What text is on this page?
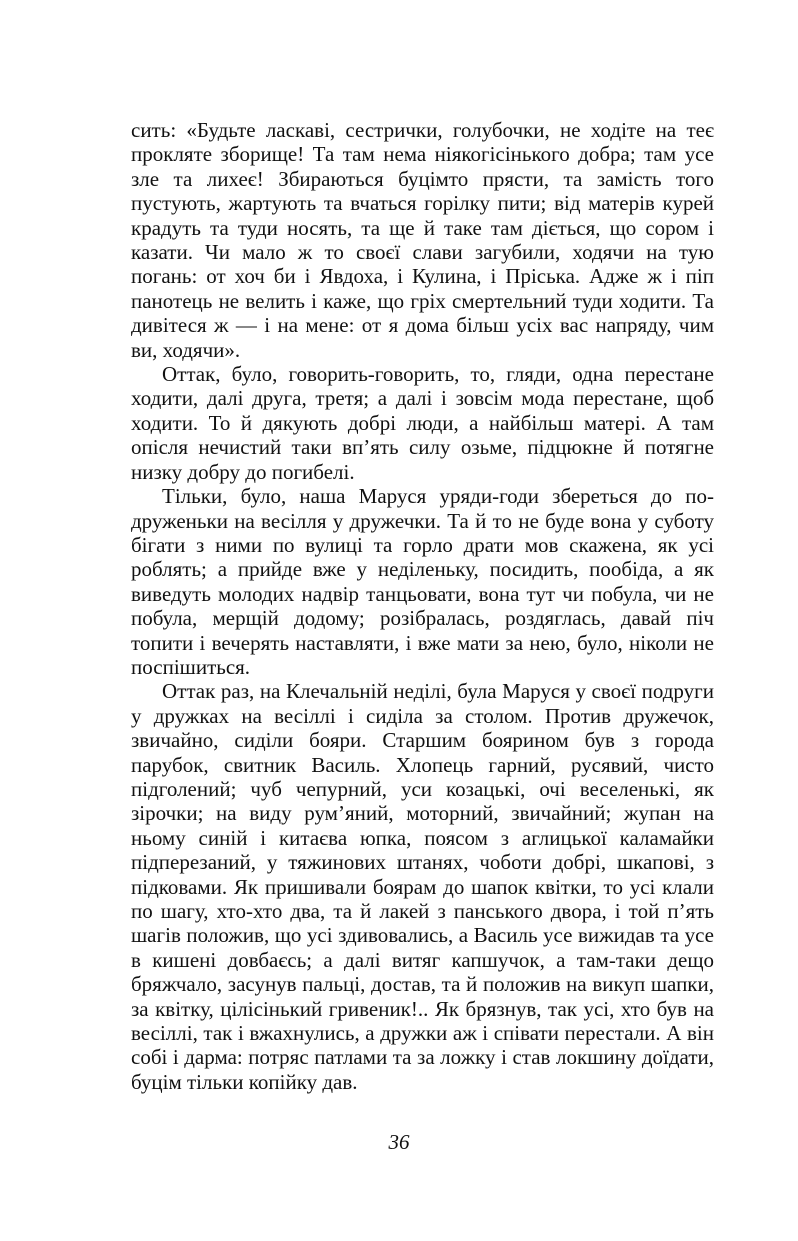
сить: «Будьте ласкаві, сестрички, голубочки, не ходіте на теє прокляте зборище! Та там нема ніякогісінького добра; там усе зле та лихеє! Збираються буцімто прясти, та замість того пустують, жартують та вчаться горілку пити; від матерів курей крадуть та туди носять, та ще й таке там діється, що сором і казати. Чи мало ж то своєї слави загубили, ходячи на тую погань: от хоч би і Явдоха, і Кулина, і Пріська. Адже ж і піп панотець не велить і каже, що гріх смертельний туди ходити. Та дивітеся ж — і на мене: от я дома більш усіх вас напряду, чим ви, ходячи».

Оттак, було, говорить-говорить, то, гляди, одна перестане ходити, далі друга, третя; а далі і зовсім мода перестане, щоб ходити. То й дякують добрі люди, а найбільш матері. А там опісля нечистий таки вп’ять силу озьме, підцюкне й потягне низку добру до погибелі.

Тільки, було, наша Маруся уряди-годи збереться до подруженьки на весілля у дружечки. Та й то не буде вона у суботу бігати з ними по вулиці та горло драти мов скажена, як усі роблять; а прийде вже у неділеньку, посидить, пообіда, а як виведуть молодих надвір танцьовати, вона тут чи побула, чи не побула, мерщій додому; розібралась, роздяглась, давай піч топити і вечерять наставляти, і вже мати за нею, було, ніколи не поспішиться.

Оттак раз, на Клечальній неділі, була Маруся у своєї подруги у дружках на весіллі і сиділа за столом. Против дружечок, звичайно, сиділи бояри. Старшим боярином був з города парубок, свитник Василь. Хлопець гарний, русявий, чисто підголений; чуб чепурний, уси козацькі, очі веселенькі, як зірочки; на виду рум’яний, моторний, звичайний; жупан на ньому синій і китаєва юпка, поясом з аглицької каламайки підперезаний, у тяжинових штанях, чоботи добрі, шкапові, з підковами. Як пришивали боярам до шапок квітки, то усі клали по шагу, хто-хто два, та й лакей з панського двора, і той п’ять шагів положив, що усі здивовались, а Василь усе вижидав та усе в кишені довбаєсь; а далі витяг капшучок, а там-таки дещо бряжчало, засунув пальці, достав, та й положив на викуп шапки, за квітку, цілісінький гривеник!.. Як брязнув, так усі, хто був на весіллі, так і вжахнулись, а дружки аж і співати перестали. А він собі і дарма: потряс патлами та за ложку і став локшину доїдати, буцім тільки копійку дав.

36
